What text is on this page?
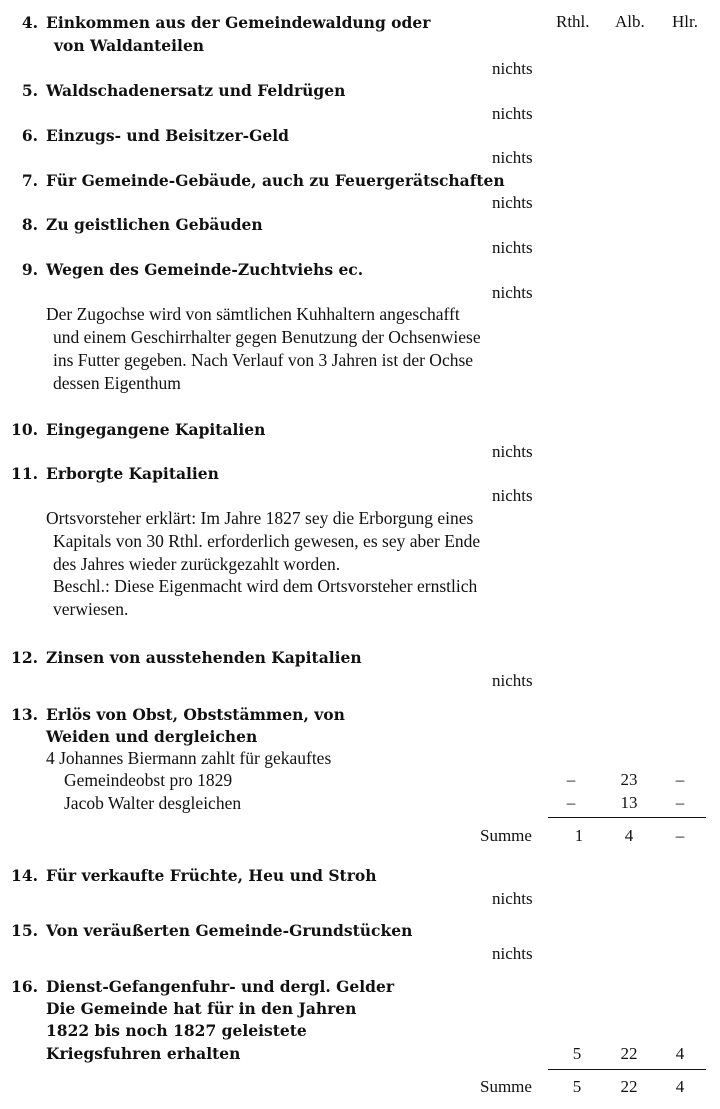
Rthl. Alb. Hlr.
4. Einkommen aus der Gemeindewaldung oder
von Waldanteilen
nichts
5. Waldschadenersatz und Feldrügen
nichts
6. Einzugs- und Beisitzer-Geld
nichts
7. Für Gemeinde-Gebäude, auch zu Feuergerätschaften
nichts
8. Zu geistlichen Gebäuden
nichts
9. Wegen des Gemeinde-Zuchtviehs ec.
nichts
Der Zugochse wird von sämtlichen Kuhhaltern angeschafft
und einem Geschirrhalter gegen Benutzung der Ochsenwiese
ins Futter gegeben. Nach Verlauf von 3 Jahren ist der Ochse
dessen Eigenthum
10. Eingegangene Kapitalien
nichts
11. Erborgte Kapitalien
nichts
Ortsvorsteher erklärt: Im Jahre 1827 sey die Erborgung eines
Kapitals von 30 Rthl. erforderlich gewesen, es sey aber Ende
des Jahres wieder zurückgezahlt worden.
Beschl.: Diese Eigenmacht wird dem Ortsvorsteher ernstlich
verwiesen.
12. Zinsen von ausstehenden Kapitalien
nichts
13. Erlös von Obst, Obststämmen, von
Weiden und dergleichen
4 Johannes Biermann zahlt für gekauftes
Gemeindeobst pro 1829	–	23	–
Jacob Walter desgleichen	–	13	–
Summe	1	4	–
14. Für verkaufte Früchte, Heu und Stroh
nichts
15. Von veräußerten Gemeinde-Grundstücken
nichts
16. Dienst-Gefangenfuhr- und dergl. Gelder
Die Gemeinde hat für in den Jahren
1822 bis noch 1827 geleistete
Kriegsfuhren erhalten	5	22	4
Summe	5	22	4
